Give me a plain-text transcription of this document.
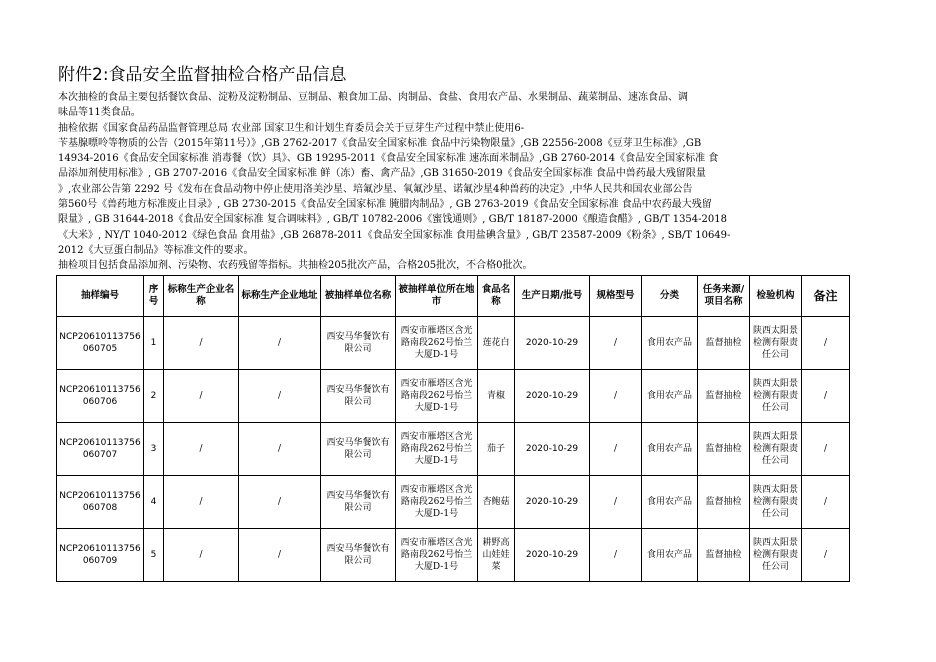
附件2:食品安全监督抽检合格产品信息
本次抽检的食品主要包括餐饮食品、淀粉及淀粉制品、豆制品、粮食加工品、肉制品、食盐、食用农产品、水果制品、蔬菜制品、速冻食品、调
味品等11类食品。
抽检依据《国家食品药品监督管理总局 农业部 国家卫生和计划生育委员会关于豆芽生产过程中禁止使用6-
苄基腺嘌呤等物质的公告（2015年第11号）》,GB 2762-2017《食品安全国家标准 食品中污染物限量》,GB 22556-2008《豆芽卫生标准》,GB
14934-2016《食品安全国家标准 消毒餐（饮）具》、GB 19295-2011《食品安全国家标准 速冻面米制品》,GB 2760-2014《食品安全国家标准 食
品添加剂使用标准》, GB 2707-2016《食品安全国家标准 鲜（冻）畜、禽产品》,GB 31650-2019《食品安全国家标准 食品中兽药最大残留限量
》,农业部公告第 2292 号《发布在食品动物中停止使用洛美沙星、培氟沙星、氧氟沙星、诺氟沙星4种兽药的决定》,中华人民共和国农业部公告
第560号《兽药地方标准废止目录》, GB 2730-2015《食品安全国家标准 腌腊肉制品》, GB 2763-2019《食品安全国家标准 食品中农药最大残留
限量》, GB 31644-2018《食品安全国家标准 复合调味料》, GB/T 10782-2006《蜜饯通则》, GB/T 18187-2000《酿造食醋》, GB/T 1354-2018
《大米》, NY/T 1040-2012《绿色食品 食用盐》,GB 26878-2011《食品安全国家标准 食用盐碘含量》, GB/T 23587-2009《粉条》, SB/T 10649-
2012《大豆蛋白制品》等标准文件的要求。
抽检项目包括食品添加剂、污染物、农药残留等指标。共抽检205批次产品，合格205批次，不合格0批次。
抽样编号	序号	标称生产企业名称	标称生产企业地址	被抽样单位名称	被抽样单位所在地市	食品名称	生产日期/批号	规格型号	分类	任务来源/项目名称	检验机构	备注
NCP20610113756060705	1	/	/	西安马华餐饮有限公司	西安市雁塔区含光路南段262号怡兰大厦D-1号	莲花白	2020-10-29	/	食用农产品	监督抽检	陕西太阳景检测有限责任公司	/
NCP20610113756060706	2	/	/	西安马华餐饮有限公司	西安市雁塔区含光路南段262号怡兰大厦D-1号	青椒	2020-10-29	/	食用农产品	监督抽检	陕西太阳景检测有限责任公司	/
NCP20610113756060707	3	/	/	西安马华餐饮有限公司	西安市雁塔区含光路南段262号怡兰大厦D-1号	茄子	2020-10-29	/	食用农产品	监督抽检	陕西太阳景检测有限责任公司	/
NCP20610113756060708	4	/	/	西安马华餐饮有限公司	西安市雁塔区含光路南段262号怡兰大厦D-1号	杏鲍菇	2020-10-29	/	食用农产品	监督抽检	陕西太阳景检测有限责任公司	/
NCP20610113756060709	5	/	/	西安马华餐饮有限公司	西安市雁塔区含光路南段262号怡兰大厦D-1号	耕野高山娃娃菜	2020-10-29	/	食用农产品	监督抽检	陕西太阳景检测有限责任公司	/
